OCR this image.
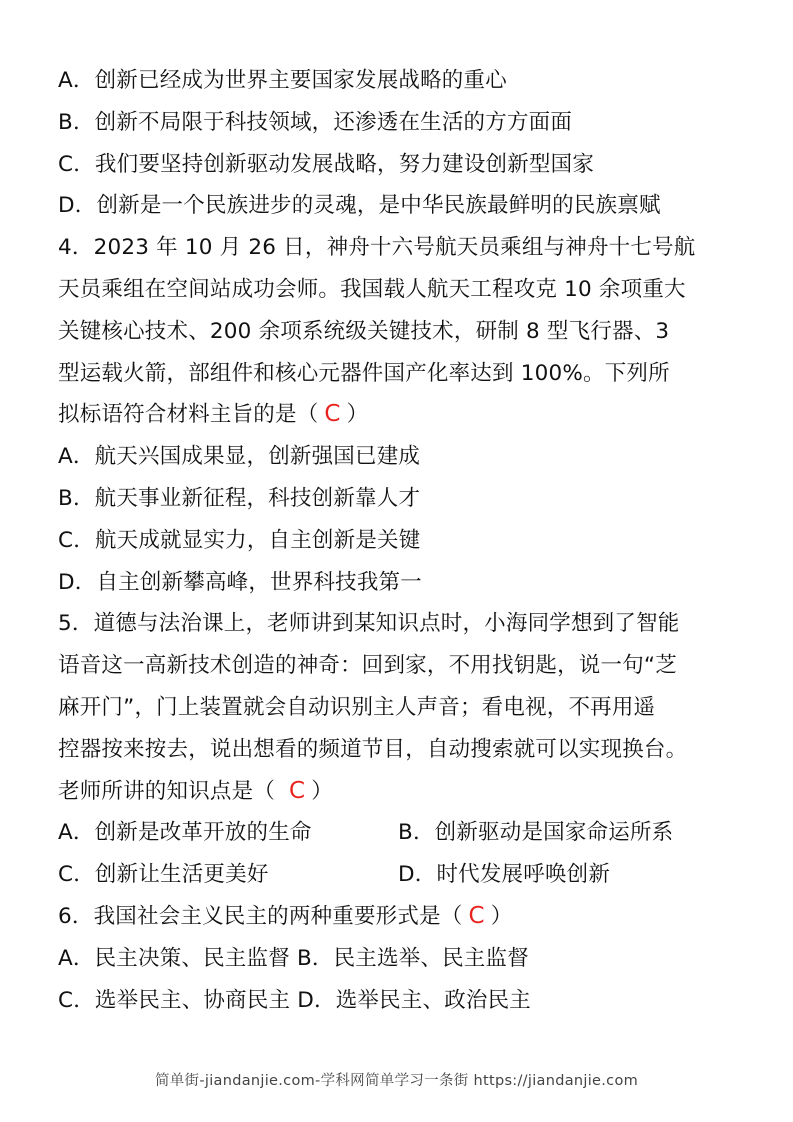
A．创新已经成为世界主要国家发展战略的重心
B．创新不局限于科技领域，还渗透在生活的方方面面
C．我们要坚持创新驱动发展战略，努力建设创新型国家
D．创新是一个民族进步的灵魂，是中华民族最鲜明的民族禀赋
4．2023 年 10 月 26 日，神舟十六号航天员乘组与神舟十七号航
天员乘组在空间站成功会师。我国载人航天工程攻克 10 余项重大
关键核心技术、200 余项系统级关键技术，研制 8 型飞行器、3
型运载火箭，部组件和核心元器件国产化率达到 100%。下列所
拟标语符合材料主旨的是（ C ）
A．航天兴国成果显，创新强国已建成
B．航天事业新征程，科技创新靠人才
C．航天成就显实力，自主创新是关键
D．自主创新攀高峰，世界科技我第一
5．道德与法治课上，老师讲到某知识点时，小海同学想到了智能
语音这一高新技术创造的神奇：回到家，不用找钥匙，说一句“芝
麻开门”，门上装置就会自动识别主人声音；看电视，不再用遥
控器按来按去，说出想看的频道节目，自动搜索就可以实现换台。
老师所讲的知识点是（ C ）
A．创新是改革开放的生命	B．创新驱动是国家命运所系
C．创新让生活更美好	D．时代发展呼唤创新
6．我国社会主义民主的两种重要形式是（ C ）
A．民主决策、民主监督 B．民主选举、民主监督
C．选举民主、协商民主 D．选举民主、政治民主
简单街-jiandanjie.com-学科网简单学习一条街 https://jiandanjie.com
